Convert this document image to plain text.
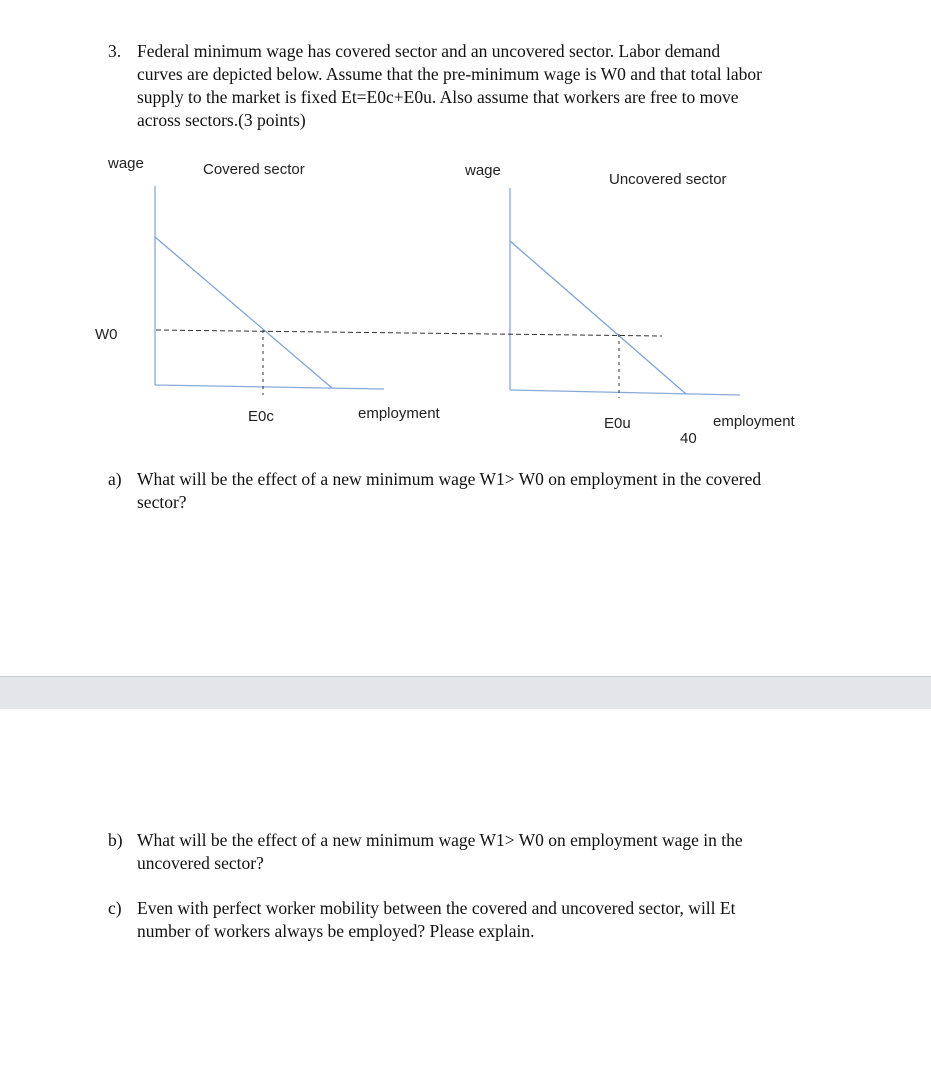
3. Federal minimum wage has covered sector and an uncovered sector. Labor demand
curves are depicted below. Assume that the pre-minimum wage is W0 and that total labor
supply to the market is fixed Et=E0c+E0u. Also assume that workers are free to move
across sectors.(3 points)
wage	Covered sector
W0
E0c	employment
wage
Uncovered sector
E0u	employment
40
a) What will be the effect of a new minimum wage W1> W0 on employment in the covered
sector?
b) What will be the effect of a new minimum wage W1> W0 on employment wage in the
uncovered sector?
c) Even with perfect worker mobility between the covered and uncovered sector, will Et
number of workers always be employed? Please explain.
